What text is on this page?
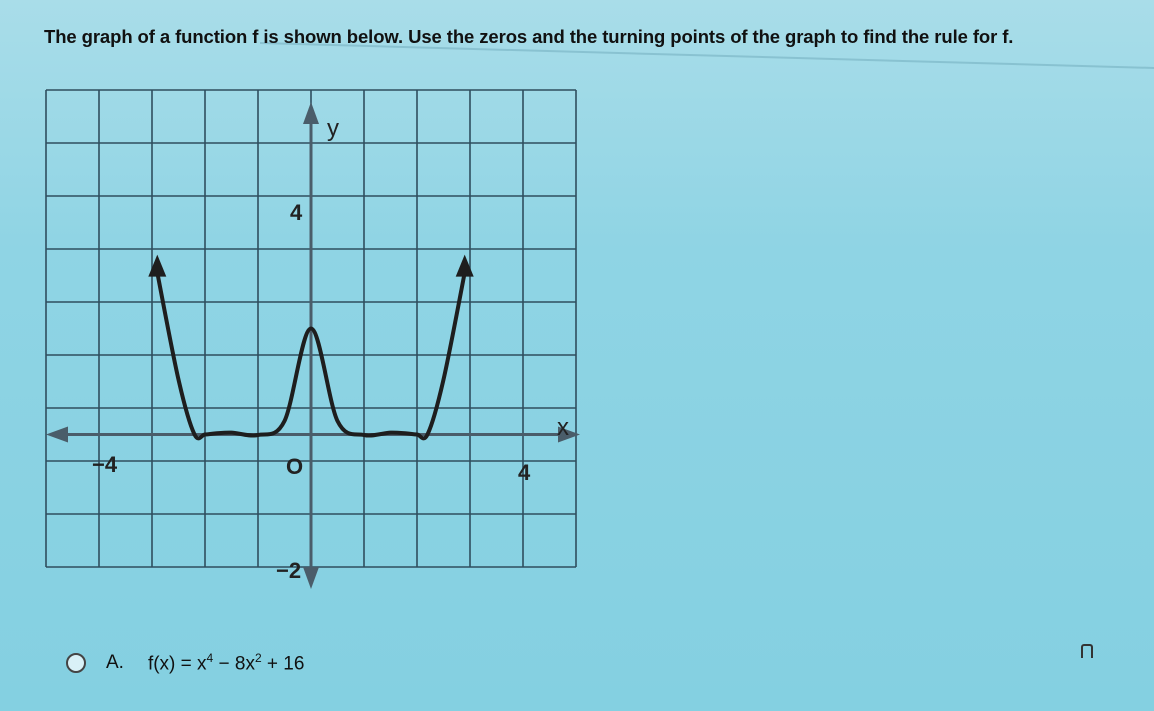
The graph of a function f is shown below. Use the zeros and the turning points of the graph to find the rule for f.
y
x
O
−4	4
4
−2
A. $f(x) = x^4 - 8x^2 + 16$
